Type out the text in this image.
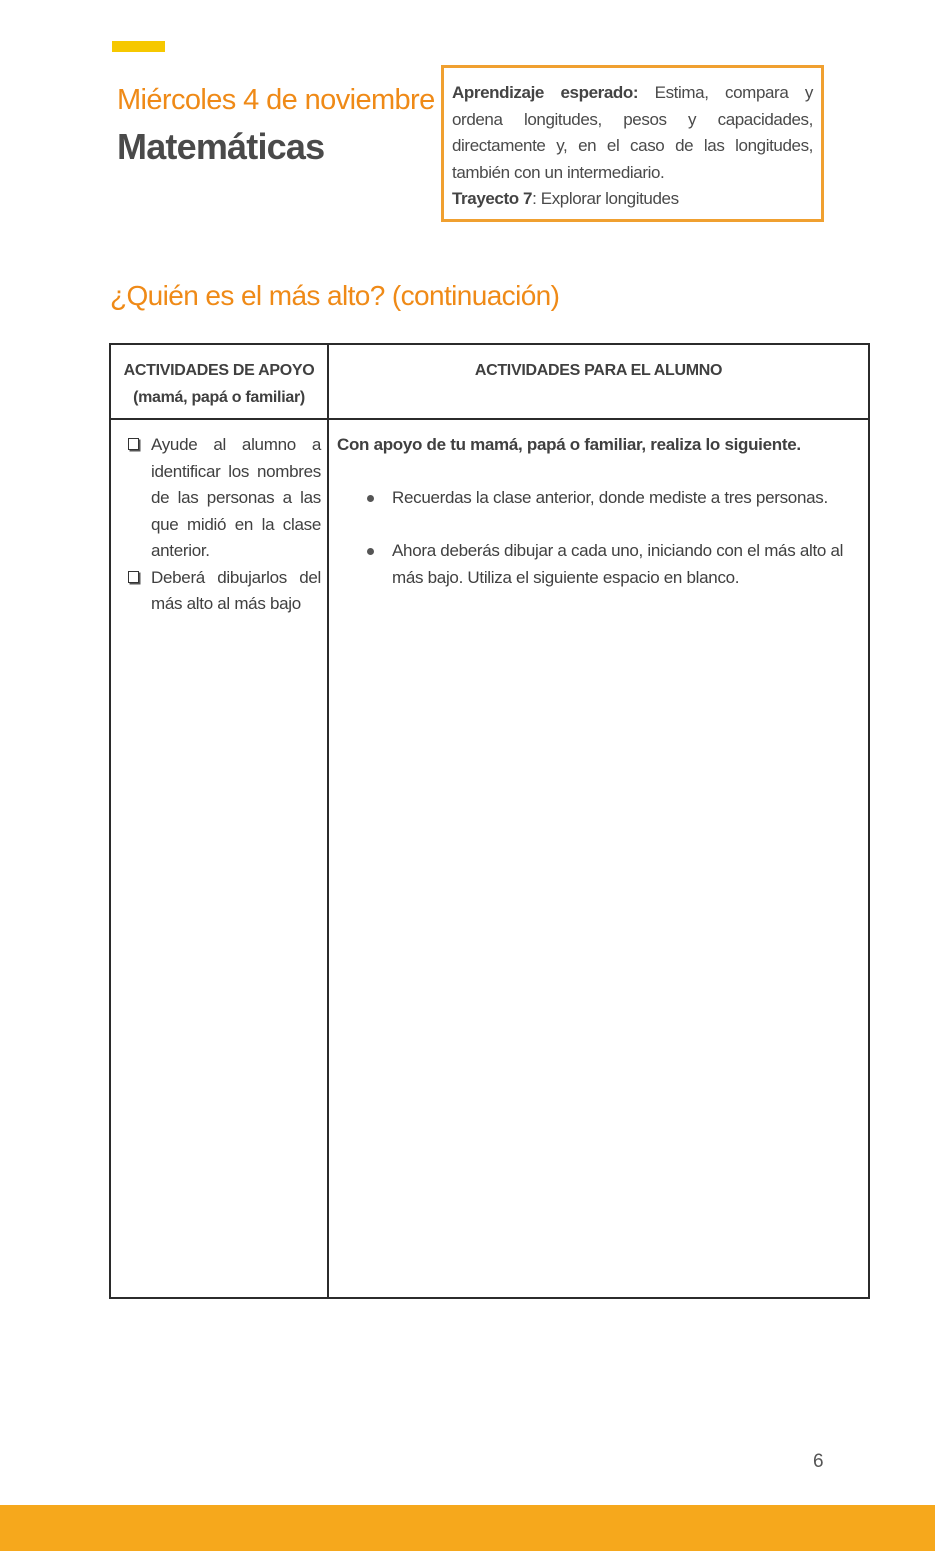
Miércoles 4 de noviembre
Matemáticas

Aprendizaje esperado: Estima, compara y ordena longitudes, pesos y capacidades, directamente y, en el caso de las longitudes, también con un intermediario.

Trayecto 7: Explorar longitudes

¿Quién es el más alto? (continuación)
ACTIVIDADES DE APOYO
(mamá, papá o familiar)
ACTIVIDADES PARA EL ALUMNO
Ayude al alumno a identificar los nombres de las personas a las que midió en la clase anterior.
Deberá dibujarlos del más alto al más bajo
Con apoyo de tu mamá, papá o familiar, realiza lo siguiente.
Recuerdas la clase anterior, donde mediste a tres personas.
Ahora deberás dibujar a cada uno, iniciando con el más alto al más bajo. Utiliza el siguiente espacio en blanco.
6
